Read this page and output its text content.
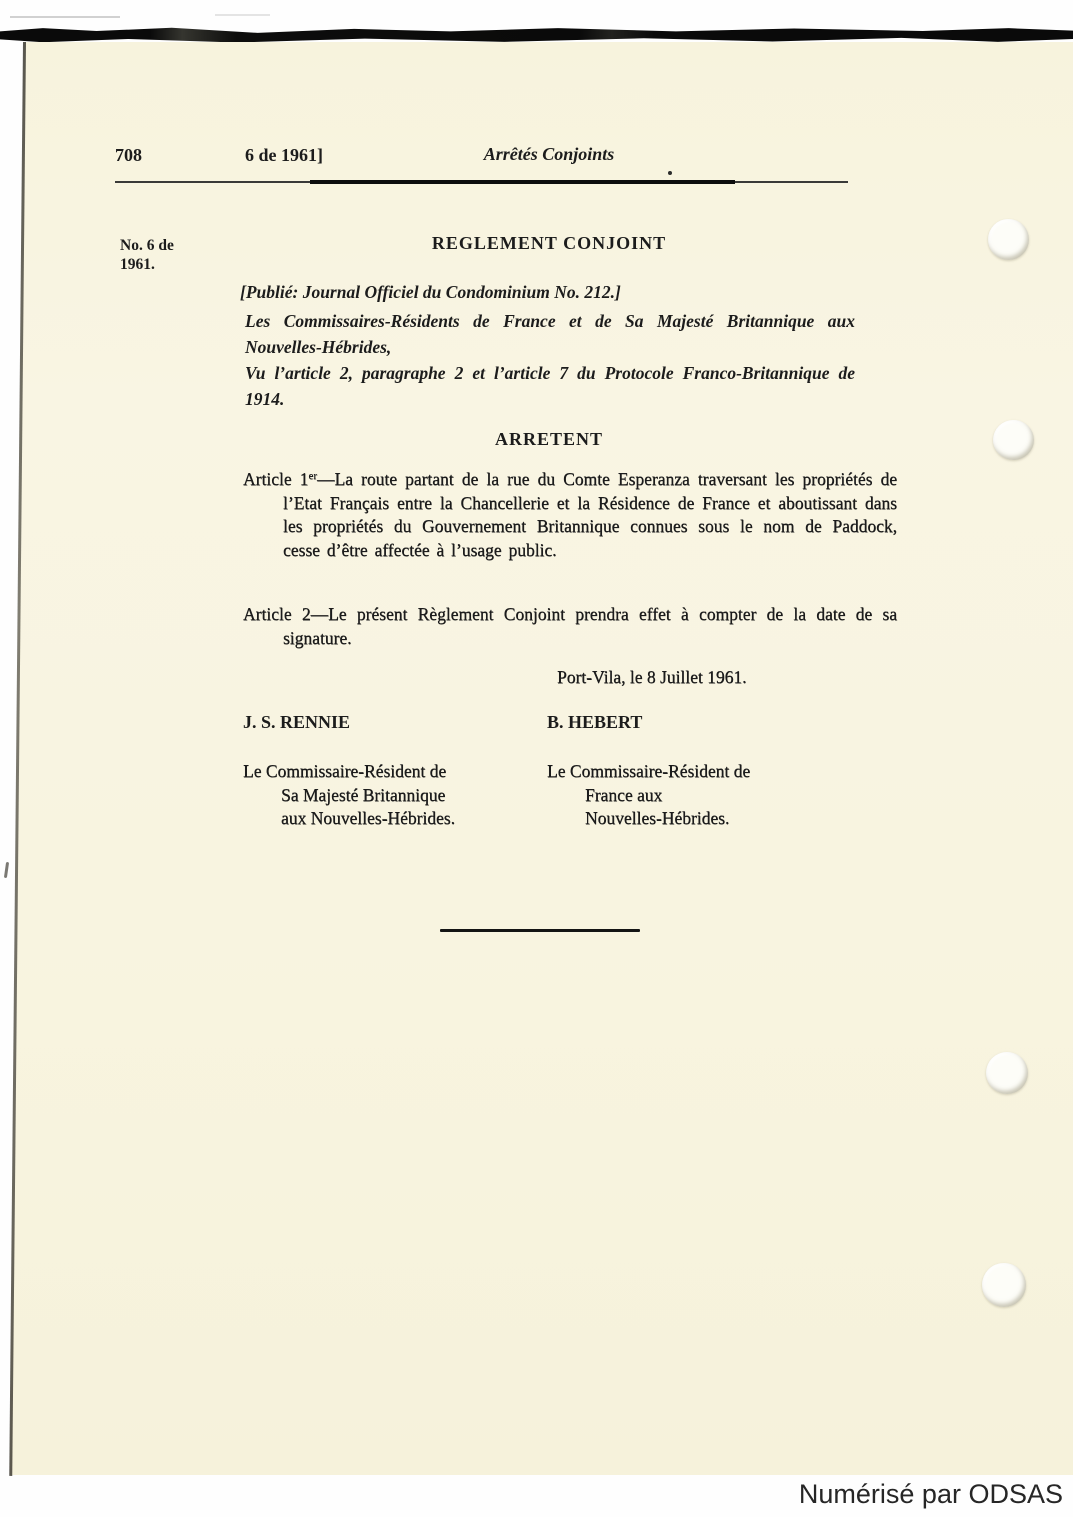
708	6 de 1961]	Arrêtés Conjoints
No. 6 de
1961.
REGLEMENT CONJOINT
[Publié: Journal Officiel du Condominium No. 212.]

Les Commissaires-Résidents de France et de Sa Majesté Britannique aux Nouvelles-Hébrides,

Vu l’article 2, paragraphe 2 et l’article 7 du Protocole Franco-Britannique de 1914.

ARRETENT

Article 1er—La route partant de la rue du Comte Esperanza traversant les propriétés de l’Etat Français entre la Chancellerie et la Résidence de France et aboutissant dans les propriétés du Gouvernement Britannique connues sous le nom de Paddock, cesse d’être affectée à l’usage public.

Article 2—Le présent Règlement Conjoint prendra effet à compter de la date de sa signature.

Port-Vila, le 8 Juillet 1961.
J. S. RENNIE	B. HEBERT
Le Commissaire-Résident de
Sa Majesté Britannique
aux Nouvelles-Hébrides.
Le Commissaire-Résident de
France aux
Nouvelles-Hébrides.
Numérisé par ODSAS
